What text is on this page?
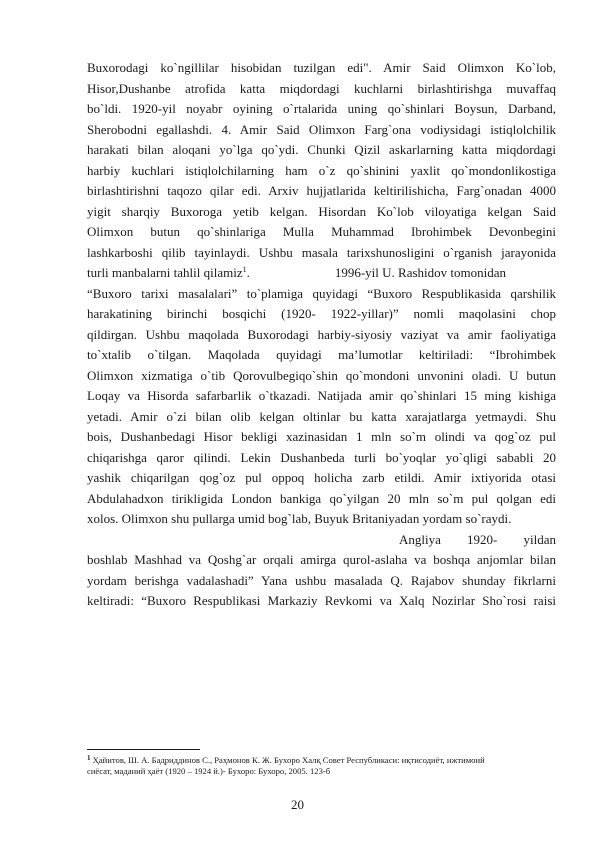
Buxorodagi ko`ngillilar hisobidan tuzilgan edi". Amir Said Olimxon Ko`lob,
Hisor,Dushanbe atrofida katta miqdordagi kuchlarni birlashtirishga muvaffaq
bo`ldi. 1920-yil noyabr oyining o`rtalarida uning qo`shinlari Boysun, Darband,
Sherobodni egallashdi. 4. Amir Said Olimxon Farg`ona vodiysidagi istiqlolchilik
harakati bilan aloqani yo`lga qo`ydi. Chunki Qizil askarlarning katta miqdordagi
harbiy kuchlari istiqlolchilarning ham o`z qo`shinini yaxlit qo`mondonlikostiga
birlashtirishni taqozo qilar edi. Arxiv hujjatlarida keltirilishicha, Farg`onadan 4000
yigit sharqiy Buxoroga yetib kelgan. Hisordan Ko`lob viloyatiga kelgan Said
Olimxon butun qo`shinlariga Mulla Muhammad Ibrohimbek Devonbegini
lashkarboshi qilib tayinlaydi. Ushbu masala tarixshunosligini o`rganish jarayonida
turli manbalarni tahlil qilamiz$^1$.	1996-yil U. Rashidov tomonidan
“Buxoro tarixi masalalari” to`plamiga quyidagi “Buxoro Respublikasida qarshilik
harakatining birinchi bosqichi (1920- 1922-yillar)” nomli maqolasini chop
qildirgan. Ushbu maqolada Buxorodagi harbiy-siyosiy vaziyat va amir faoliyatiga
to`xtalib o`tilgan. Maqolada quyidagi ma’lumotlar keltiriladi: “Ibrohimbek
Olimxon xizmatiga o`tib Qorovulbegiqo`shin qo`mondoni unvonini oladi. U butun
Loqay va Hisorda safarbarlik o`tkazadi. Natijada amir qo`shinlari 15 ming kishiga
yetadi. Amir o`zi bilan olib kelgan oltinlar bu katta xarajatlarga yetmaydi. Shu
bois, Dushanbedagi Hisor bekligi xazinasidan 1 mln so`m olindi va qog`oz pul
chiqarishga qaror qilindi. Lekin Dushanbeda turli bo`yoqlar yo`qligi sababli 20
yashik chiqarilgan qog`oz pul oppoq holicha zarb etildi. Amir ixtiyorida otasi
Abdulahadxon tirikligida London bankiga qo`yilgan 20 mln so`m pul qolgan edi
xolos. Olimxon shu pullarga umid bog`lab, Buyuk Britaniyadan yordam so`raydi.
Angliya 1920- yildan
boshlab Mashhad va Qoshg`ar orqali amirga qurol-aslaha va boshqa anjomlar bilan
yordam berishga vadalashadi” Yana ushbu masalada Q. Rajabov shunday fikrlarni
keltiradi: “Buxoro Respublikasi Markaziy Revkomi va Xalq Nozirlar Sho`rosi raisi
$^1$ Ҳайитов, Ш. А. Бадриддинов С., Раҳмонов К. Ж. Бухоро Халқ Совет Республикаси: иқтисодиёт, ижтимоий
сиёсат, маданий ҳаёт (1920 – 1924 й.)- Бухоро: Бухоро, 2005. 123-б
20
